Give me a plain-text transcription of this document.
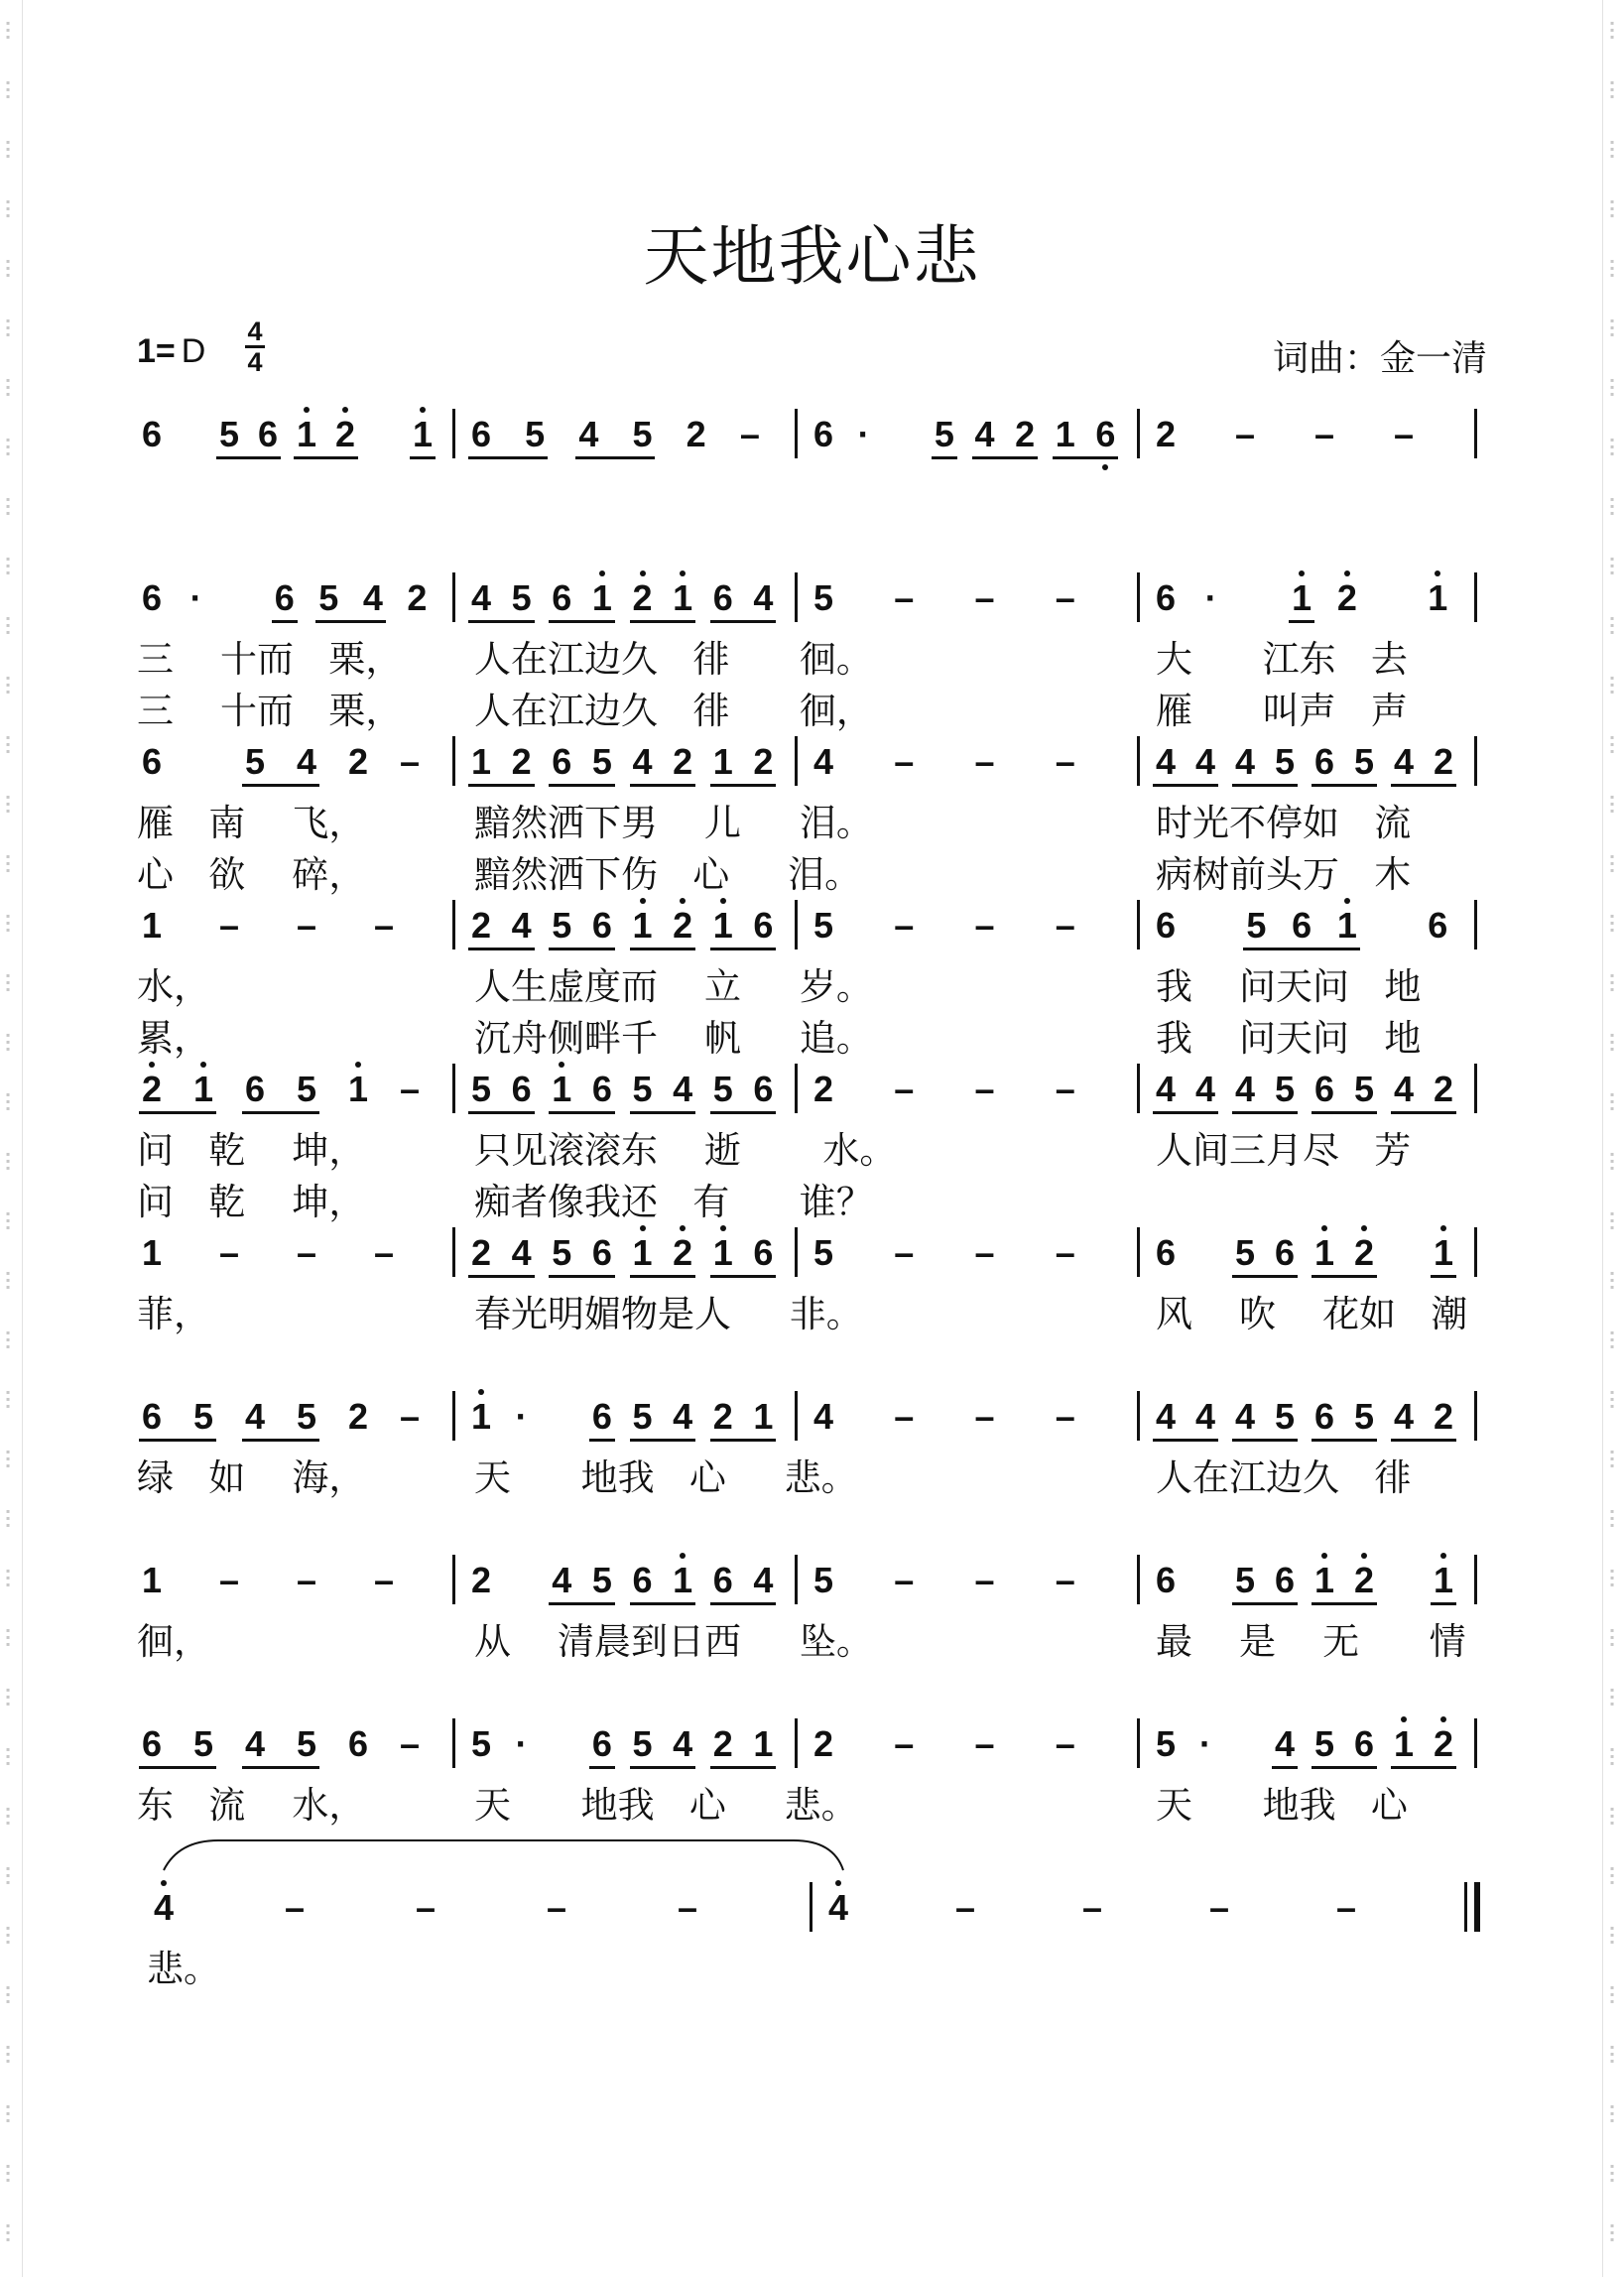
▪
▪
▪
▪
▪
▪
▪
▪
▪
▪
▪
▪
▪
▪
▪
▪
▪
▪
▪
▪
▪
▪
▪
▪
▪
▪
▪
▪
▪
▪
▪
▪
▪
▪
▪
▪
▪
▪
▪
▪
▪
▪
▪
▪
▪
▪
▪
▪
▪
▪
▪
▪
▪
▪
▪
▪
▪
▪
▪
▪
▪
▪
▪
▪
▪
▪
▪
▪
▪
▪
▪
▪
▪
▪
▪
▪
▪
▪
▪
▪
▪
▪
▪
▪
▪
▪
▪
▪
▪
▪
▪
▪
▪
▪
▪
▪
▪
▪
▪
▪
▪
▪
▪
▪
▪
▪
▪
▪
▪
▪
▪
▪
▪
▪
▪
▪
▪
▪
▪
▪
▪
▪
▪
▪
▪
▪
▪
▪
▪
▪
▪
▪
▪
▪
▪
▪
▪
▪
▪
▪
▪
▪
▪
▪
▪
▪
▪
▪
▪
▪
▪
▪
▪
▪
▪
▪
▪
▪
▪
▪
▪
▪
▪
▪
▪
▪
▪
▪
▪
▪
▪
▪
▪
▪
▪
▪
▪
▪
▪
▪
▪
▪
▪
▪
▪
▪
▪
▪
▪
▪
▪
▪
▪
▪
▪
▪
▪
▪
▪
▪
▪
▪
▪
▪
▪
▪
▪
▪
▪
▪
▪
▪
▪
▪
▪
▪
▪
▪
▪
▪
▪
▪
▪
▪
▪
▪
▪
▪
天地我心悲
1= D
4
4	词曲：金一清
6 5 6 1 2 1 6 5 4 5 2 – 6 · 5 4 2 1 6 2 – – –
6 · 6 5 4 2 4 5 6 1 2 1 6 4 5 – – – 6 · 1 2 1
三    十而   栗， 人在江边久   徘      徊。	大      江东   去
三    十而   栗， 人在江边久   徘      徊，	雁      叫声   声
6 5 4 2 – 1 2 6 5 4 2 1 2 4 – – – 4 4 4 5 6 5 4 2
雁   南    飞，	黯然洒下男    儿     泪。	时光不停如   流
心   欲    碎，	黯然洒下伤   心     泪。	病树前头万   木
1 – – – 2 4 5 6 1 2 1 6 5 – – – 6 5 6 1 6
水，	人生虚度而    立     岁。	我    问天问   地
累，	沉舟侧畔千    帆     追。	我    问天问   地
2 1 6 5 1 – 5 6 1 6 5 4 5 6 2 – – – 4 4 4 5 6 5 4 2
问   乾    坤，	只见滚滚东    逝       水。	人间三月尽   芳
问   乾    坤，	痴者像我还   有      谁？
1 – – – 2 4 5 6 1 2 1 6 5 – – – 6 5 6 1 2 1
菲，	春光明媚物是人     非。	风    吹    花如   潮
6 5 4 5 2 – 1 · 6 5 4 2 1 4 – – – 4 4 4 5 6 5 4 2
绿   如    海，	天      地我   心     悲。	人在江边久   徘
1 – – – 2 4 5 6 1 6 4 5 – – – 6 5 6 1 2 1
徊，	从    清晨到日西     坠。	最    是    无      情
6 5 4 5 6 – 5 · 6 5 4 2 1 2 – – – 5 · 4 5 6 1 2
东   流    水，	天      地我   心     悲。	天      地我   心
4	–	–	–	–	4	–	–	–	–
悲。
